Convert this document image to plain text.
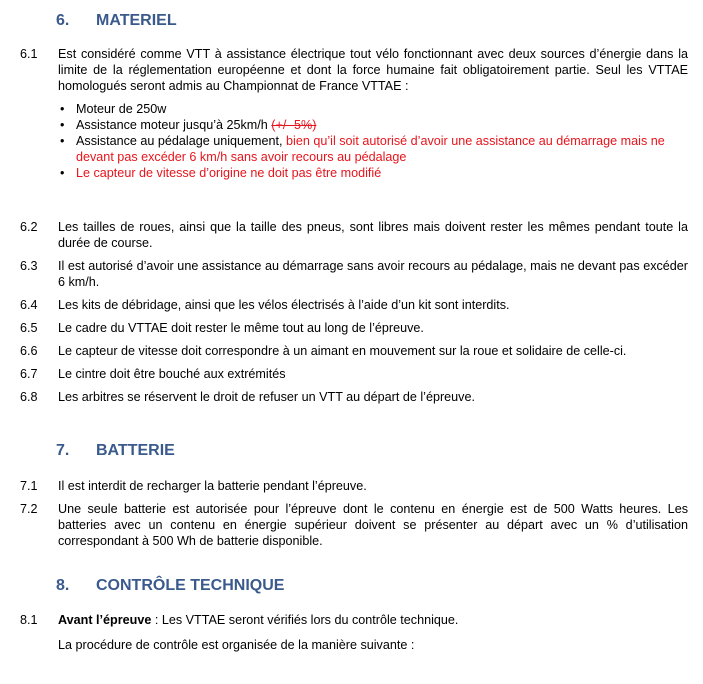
6. MATERIEL
6.1	Est considéré comme VTT à assistance électrique tout vélo fonctionnant avec deux sources d’énergie dans la limite de la réglementation européenne et dont la force humaine fait obligatoirement partie. Seul les VTTAE homologués seront admis au Championnat de France VTTAE :
• Moteur de 250w
• Assistance moteur jusqu’à 25km/h (+/- 5%)
• Assistance au pédalage uniquement, bien qu’il soit autorisé d’avoir une assistance au démarrage mais ne devant pas excéder 6 km/h sans avoir recours au pédalage
• Le capteur de vitesse d’origine ne doit pas être modifié
6.2	Les tailles de roues, ainsi que la taille des pneus, sont libres mais doivent rester les mêmes pendant toute la durée de course.
6.3	Il est autorisé d’avoir une assistance au démarrage sans avoir recours au pédalage, mais ne devant pas excéder 6 km/h.
6.4	Les kits de débridage, ainsi que les vélos électrisés à l’aide d’un kit sont interdits.
6.5	Le cadre du VTTAE doit rester le même tout au long de l’épreuve.
6.6	Le capteur de vitesse doit correspondre à un aimant en mouvement sur la roue et solidaire de celle-ci.
6.7	Le cintre doit être bouché aux extrémités
6.8	Les arbitres se réservent le droit de refuser un VTT au départ de l’épreuve.
7. BATTERIE
7.1	Il est interdit de recharger la batterie pendant l’épreuve.
7.2	Une seule batterie est autorisée pour l’épreuve dont le contenu en énergie est de 500 Watts heures. Les batteries avec un contenu en énergie supérieur doivent se présenter au départ avec un % d’utilisation correspondant à 500 Wh de batterie disponible.
8. CONTRÔLE TECHNIQUE
8.1	Avant l’épreuve : Les VTTAE seront vérifiés lors du contrôle technique.
La procédure de contrôle est organisée de la manière suivante :
